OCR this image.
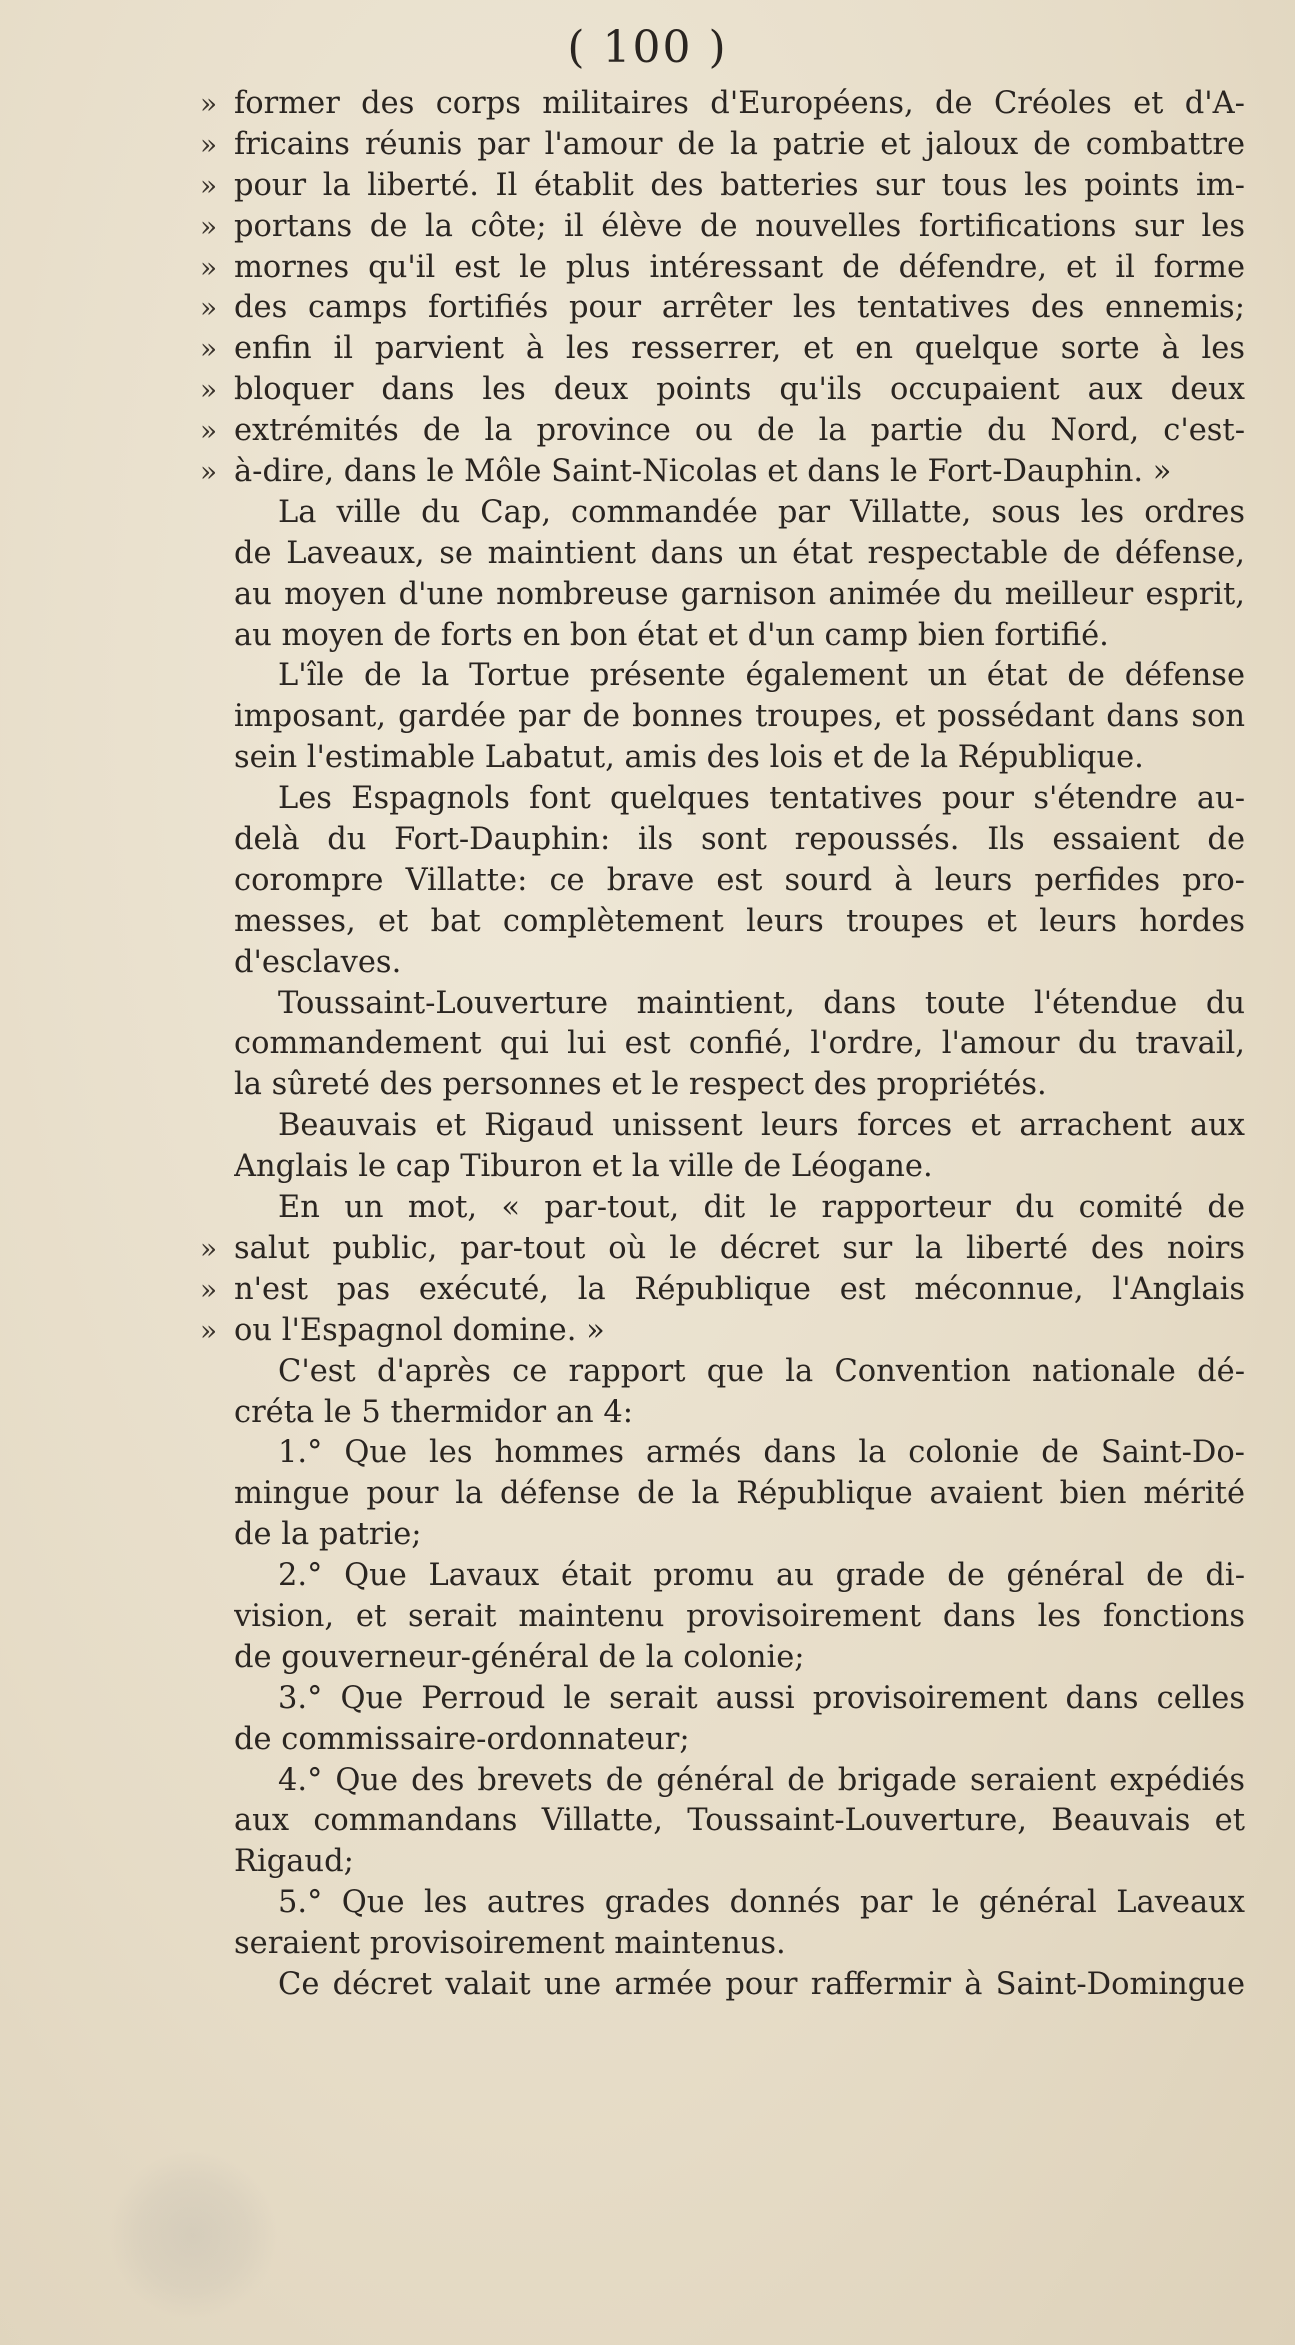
( 100 )
» former des corps militaires d'Européens, de Créoles et d'A-
» fricains réunis par l'amour de la patrie et jaloux de combattre
» pour la liberté. Il établit des batteries sur tous les points im-
» portans de la côte; il élève de nouvelles fortifications sur les
» mornes qu'il est le plus intéressant de défendre, et il forme
» des camps fortifiés pour arrêter les tentatives des ennemis;
» enfin il parvient à les resserrer, et en quelque sorte à les
» bloquer dans les deux points qu'ils occupaient aux deux
» extrémités de la province ou de la partie du Nord, c'est-
» à-dire, dans le Môle Saint-Nicolas et dans le Fort-Dauphin. »
La ville du Cap, commandée par Villatte, sous les ordres
de Laveaux, se maintient dans un état respectable de défense,
au moyen d'une nombreuse garnison animée du meilleur esprit,
au moyen de forts en bon état et d'un camp bien fortifié.
L'île de la Tortue présente également un état de défense
imposant, gardée par de bonnes troupes, et possédant dans son
sein l'estimable Labatut, amis des lois et de la République.
Les Espagnols font quelques tentatives pour s'étendre au-
delà du Fort-Dauphin: ils sont repoussés. Ils essaient de
corompre Villatte: ce brave est sourd à leurs perfides pro-
messes, et bat complètement leurs troupes et leurs hordes
d'esclaves.
Toussaint-Louverture maintient, dans toute l'étendue du
commandement qui lui est confié, l'ordre, l'amour du travail,
la sûreté des personnes et le respect des propriétés.
Beauvais et Rigaud unissent leurs forces et arrachent aux
Anglais le cap Tiburon et la ville de Léogane.
En un mot, « par-tout, dit le rapporteur du comité de
» salut public, par-tout où le décret sur la liberté des noirs
» n'est pas exécuté, la République est méconnue, l'Anglais
» ou l'Espagnol domine. »
C'est d'après ce rapport que la Convention nationale dé-
créta le 5 thermidor an 4:
1.° Que les hommes armés dans la colonie de Saint-Do-
mingue pour la défense de la République avaient bien mérité
de la patrie;
2.° Que Lavaux était promu au grade de général de di-
vision, et serait maintenu provisoirement dans les fonctions
de gouverneur-général de la colonie;
3.° Que Perroud le serait aussi provisoirement dans celles
de commissaire-ordonnateur;
4.° Que des brevets de général de brigade seraient expédiés
aux commandans Villatte, Toussaint-Louverture, Beauvais et
Rigaud;
5.° Que les autres grades donnés par le général Laveaux
seraient provisoirement maintenus.
Ce décret valait une armée pour raffermir à Saint-Domingue
